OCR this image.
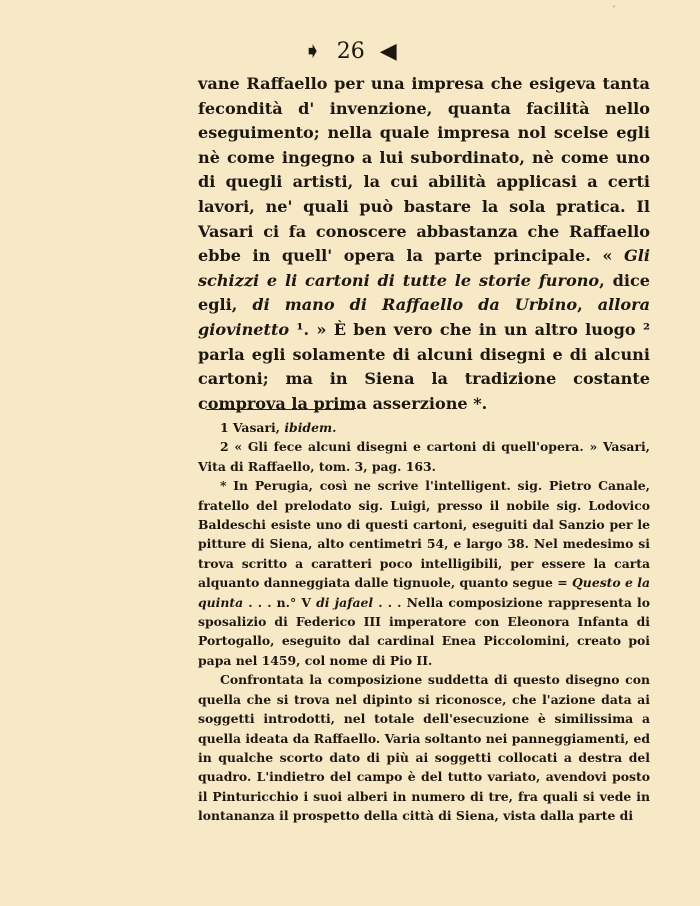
´
➧ 26 ◀

vane Raffaello per una impresa che esigeva tanta fecondità d' invenzione, quanta facilità nello eseguimento; nella quale impresa nol scelse egli nè come ingegno a lui subordinato, nè come uno di quegli artisti, la cui abilità applicasi a certi lavori, ne' quali può bastare la sola pratica. Il Vasari ci fa conoscere abbastanza che Raffaello ebbe in quell' opera la parte principale. « Gli schizzi e li cartoni di tutte le storie furono, dice egli, di mano di Raffaello da Urbino, allora giovinetto ¹. » È ben vero che in un altro luogo ² parla egli solamente di alcuni disegni e di alcuni cartoni; ma in Siena la tradizione costante comprova la prima asserzione *.

1 Vasari, ibidem.

2 « Gli fece alcuni disegni e cartoni di quell'opera. » Vasari, Vita di Raffaello, tom. 3, pag. 163.

* In Perugia, così ne scrive l'intelligent. sig. Pietro Canale, fratello del prelodato sig. Luigi, presso il nobile sig. Lodovico Baldeschi esiste uno di questi cartoni, eseguiti dal Sanzio per le pitture di Siena, alto centimetri 54, e largo 38. Nel medesimo si trova scritto a caratteri poco intelligibili, per essere la carta alquanto danneggiata dalle tignuole, quanto segue = Questo e la quinta . . . n.° V di jafael . . . Nella composizione rappresenta lo sposalizio di Federico III imperatore con Eleonora Infanta di Portogallo, eseguito dal cardinal Enea Piccolomini, creato poi papa nel 1459, col nome di Pio II.

Confrontata la composizione suddetta di questo disegno con quella che si trova nel dipinto si riconosce, che l'azione data ai soggetti introdotti, nel totale dell'esecuzione è similissima a quella ideata da Raffaello. Varia soltanto nei panneggiamenti, ed in qualche scorto dato di più ai soggetti collocati a destra del quadro. L'indietro del campo è del tutto variato, avendovi posto il Pinturicchio i suoi alberi in numero di tre, fra quali si vede in lontananza il prospetto della città di Siena, vista dalla parte di
